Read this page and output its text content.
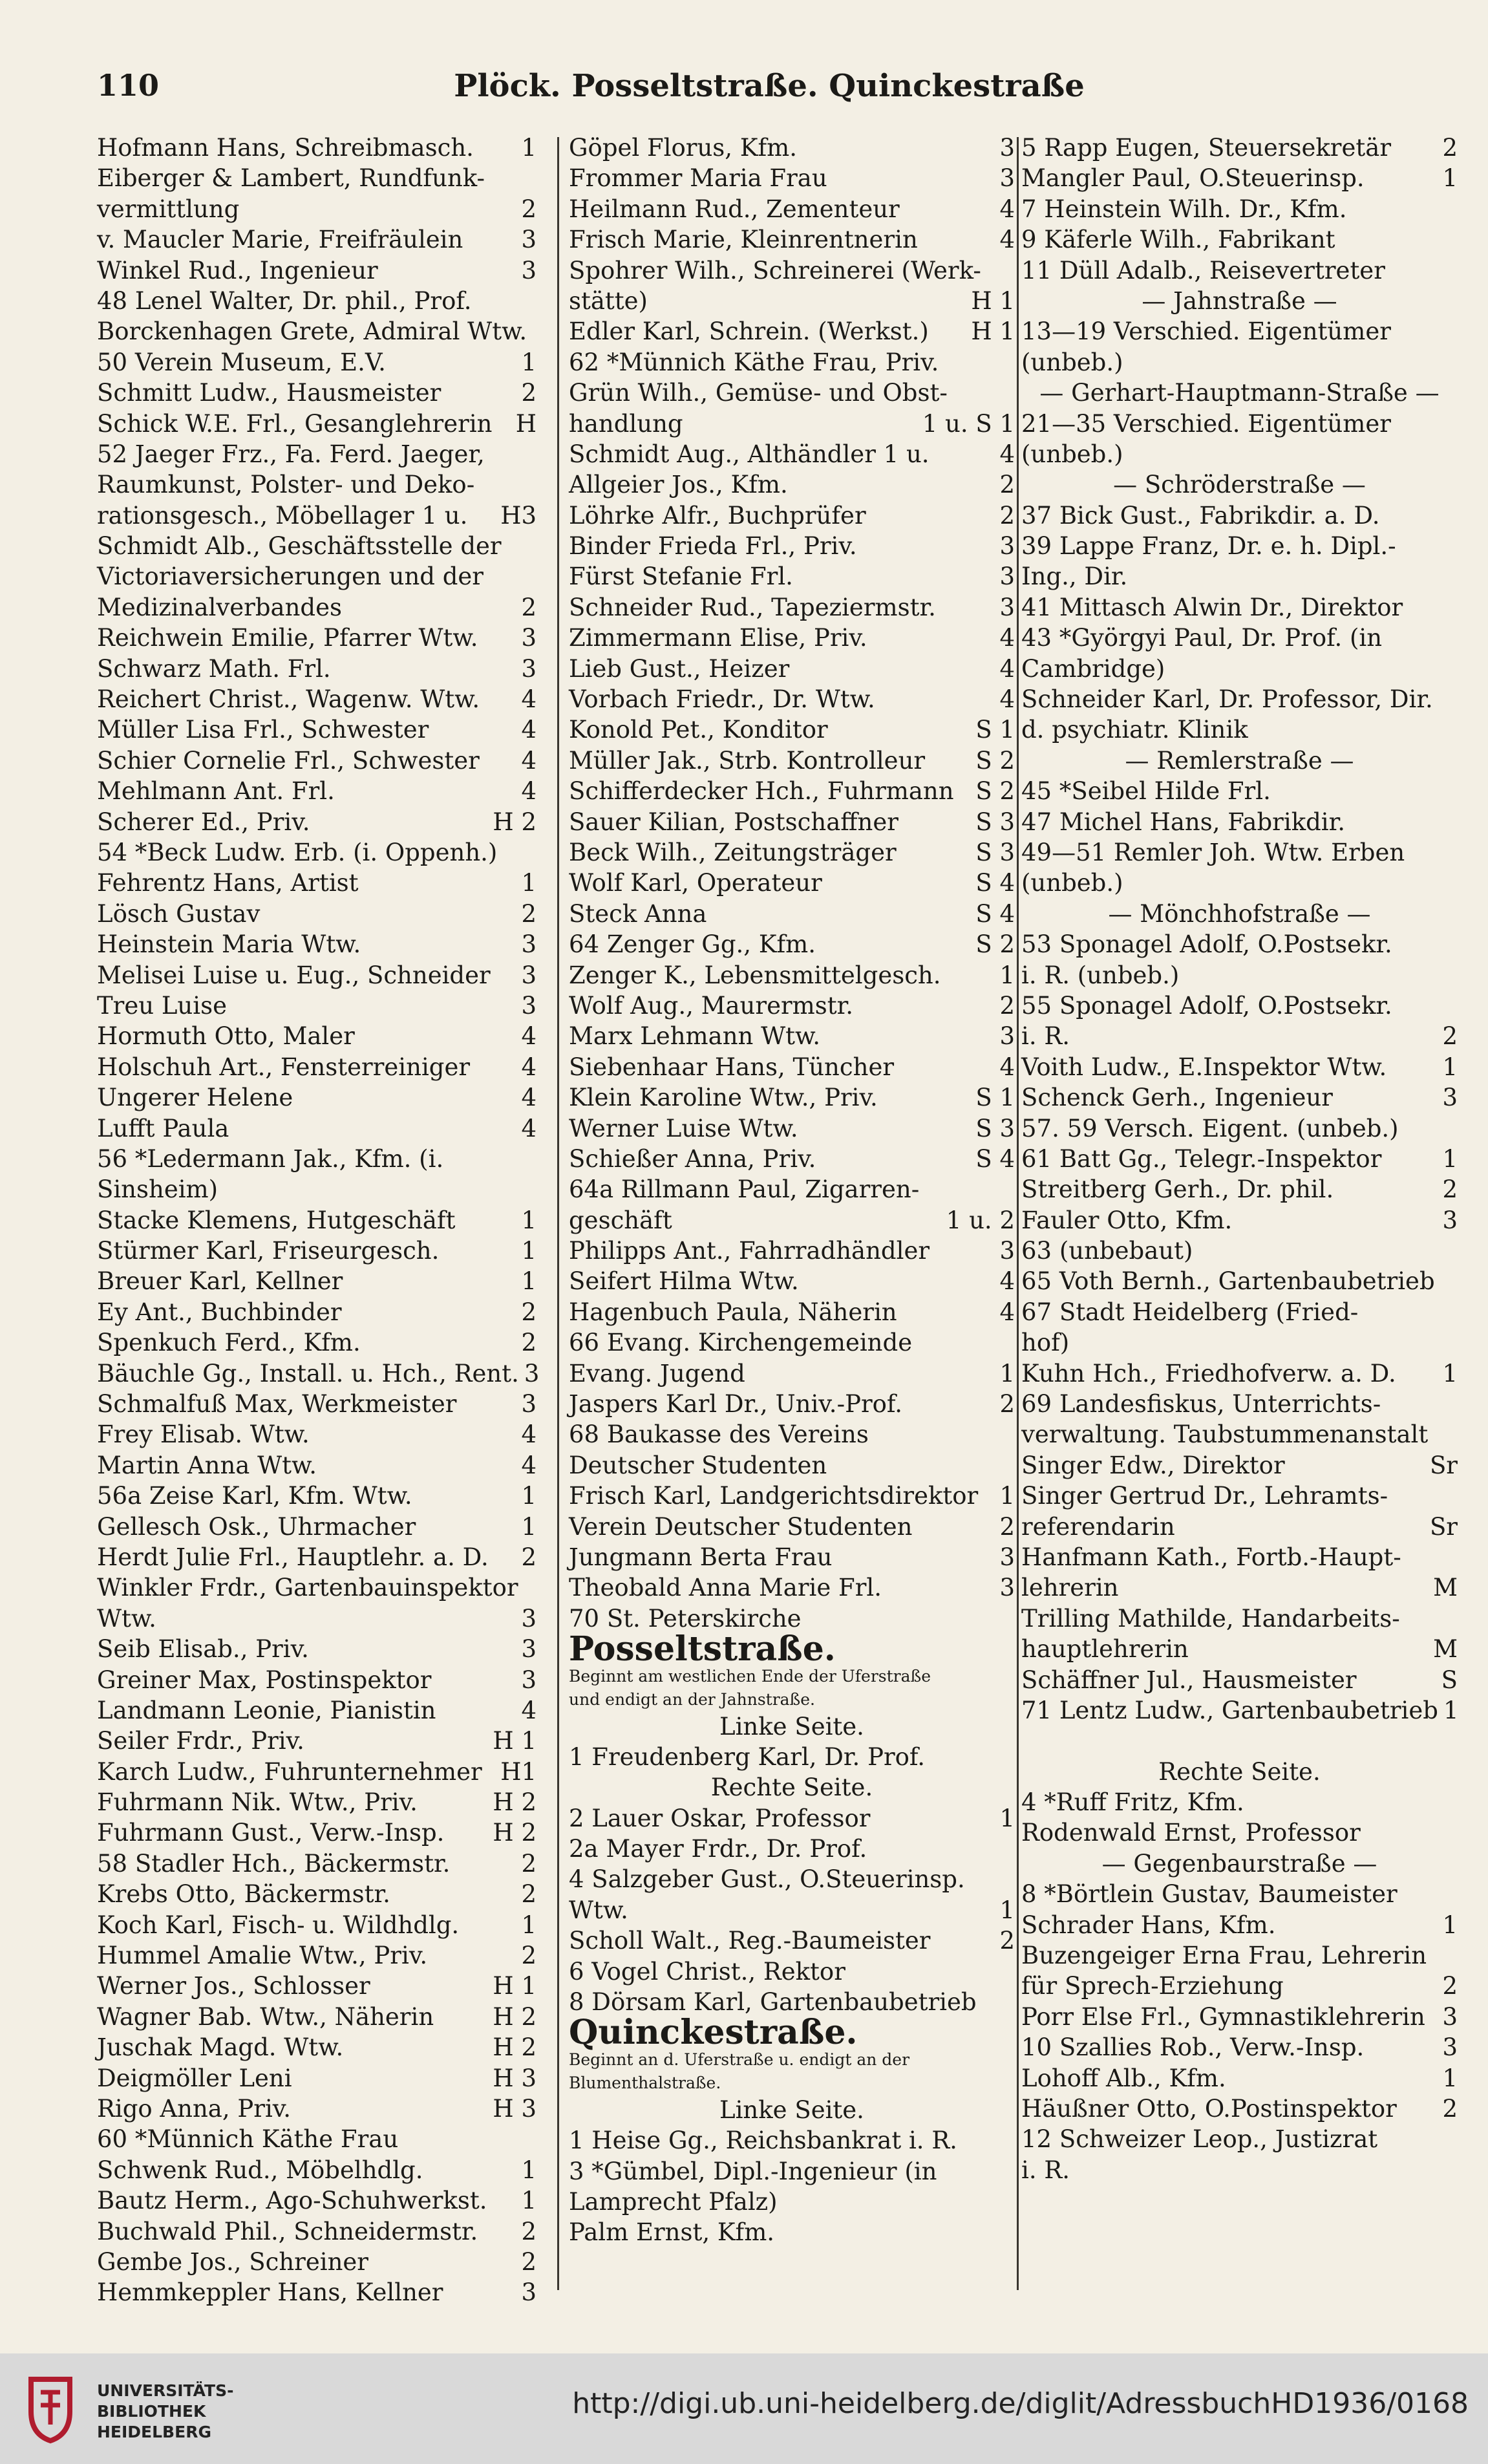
110	Plöck. Posseltstraße. Quinckestraße
Hofmann Hans, Schreibmasch.	1
Eiberger & Lambert, Rundfunk-
vermittlung	2
v. Maucler Marie, Freifräulein	3
Winkel Rud., Ingenieur	3
48 Lenel Walter, Dr. phil., Prof.
Borckenhagen Grete, Admiral Wtw.
50 Verein Museum, E.V.	1
Schmitt Ludw., Hausmeister	2
Schick W.E. Frl., Gesanglehrerin H
52 Jaeger Frz., Fa. Ferd. Jaeger,
Raumkunst, Polster- und Deko-
rationsgesch., Möbellager 1 u.	H3
Schmidt Alb., Geschäftsstelle der
Victoriaversicherungen und der
Medizinalverbandes	2
Reichwein Emilie, Pfarrer Wtw.	3
Schwarz Math. Frl.	3
Reichert Christ., Wagenw. Wtw.	4
Müller Lisa Frl., Schwester	4
Schier Cornelie Frl., Schwester	4
Mehlmann Ant. Frl.	4
Scherer Ed., Priv.	H 2
54 *Beck Ludw. Erb. (i. Oppenh.)
Fehrentz Hans, Artist	1
Lösch Gustav	2
Heinstein Maria Wtw.	3
Melisei Luise u. Eug., Schneider	3
Treu Luise	3
Hormuth Otto, Maler	4
Holschuh Art., Fensterreiniger	4
Ungerer Helene	4
Lufft Paula	4
56 *Ledermann Jak., Kfm. (i.
Sinsheim)
Stacke Klemens, Hutgeschäft	1
Stürmer Karl, Friseurgesch.	1
Breuer Karl, Kellner	1
Ey Ant., Buchbinder	2
Spenkuch Ferd., Kfm.	2
Bäuchle Gg., Install. u. Hch., Rent. 3
Schmalfuß Max, Werkmeister	3
Frey Elisab. Wtw.	4
Martin Anna Wtw.	4
56a Zeise Karl, Kfm. Wtw.	1
Gellesch Osk., Uhrmacher	1
Herdt Julie Frl., Hauptlehr. a. D.	2
Winkler Frdr., Gartenbauinspektor
Wtw.	3
Seib Elisab., Priv.	3
Greiner Max, Postinspektor	3
Landmann Leonie, Pianistin	4
Seiler Frdr., Priv.	H 1
Karch Ludw., Fuhrunternehmer H1
Fuhrmann Nik. Wtw., Priv.	H 2
Fuhrmann Gust., Verw.-Insp.	H 2
58 Stadler Hch., Bäckermstr.	2
Krebs Otto, Bäckermstr.	2
Koch Karl, Fisch- u. Wildhdlg.	1
Hummel Amalie Wtw., Priv.	2
Werner Jos., Schlosser	H 1
Wagner Bab. Wtw., Näherin	H 2
Juschak Magd. Wtw.	H 2
Deigmöller Leni	H 3
Rigo Anna, Priv.	H 3
60 *Münnich Käthe Frau
Schwenk Rud., Möbelhdlg.	1
Bautz Herm., Ago-Schuhwerkst.	1
Buchwald Phil., Schneidermstr.	2
Gembe Jos., Schreiner	2
Hemmkeppler Hans, Kellner	3
Göpel Florus, Kfm.	3
Frommer Maria Frau	3
Heilmann Rud., Zementeur	4
Frisch Marie, Kleinrentnerin	4
Spohrer Wilh., Schreinerei (Werk-
stätte)	H 1
Edler Karl, Schrein. (Werkst.)	H 1
62 *Münnich Käthe Frau, Priv.
Grün Wilh., Gemüse- und Obst-
handlung	1 u. S 1
Schmidt Aug., Althändler 1 u.	4
Allgeier Jos., Kfm.	2
Löhrke Alfr., Buchprüfer	2
Binder Frieda Frl., Priv.	3
Fürst Stefanie Frl.	3
Schneider Rud., Tapeziermstr.	3
Zimmermann Elise, Priv.	4
Lieb Gust., Heizer	4
Vorbach Friedr., Dr. Wtw.	4
Konold Pet., Konditor	S 1
Müller Jak., Strb. Kontrolleur	S 2
Schifferdecker Hch., Fuhrmann S 2
Sauer Kilian, Postschaffner	S 3
Beck Wilh., Zeitungsträger	S 3
Wolf Karl, Operateur	S 4
Steck Anna	S 4
64 Zenger Gg., Kfm.	S 2
Zenger K., Lebensmittelgesch.	1
Wolf Aug., Maurermstr.	2
Marx Lehmann Wtw.	3
Siebenhaar Hans, Tüncher	4
Klein Karoline Wtw., Priv.	S 1
Werner Luise Wtw.	S 3
Schießer Anna, Priv.	S 4
64a Rillmann Paul, Zigarren-
geschäft	1 u. 2
Philipps Ant., Fahrradhändler	3
Seifert Hilma Wtw.	4
Hagenbuch Paula, Näherin	4
66 Evang. Kirchengemeinde
Evang. Jugend	1
Jaspers Karl Dr., Univ.-Prof.	2
68 Baukasse des Vereins
Deutscher Studenten
Frisch Karl, Landgerichtsdirektor 1
Verein Deutscher Studenten	2
Jungmann Berta Frau	3
Theobald Anna Marie Frl.	3
70 St. Peterskirche
Posseltstraße.
Beginnt am westlichen Ende der Uferstraße
und endigt an der Jahnstraße.
Linke Seite.
1 Freudenberg Karl, Dr. Prof.
Rechte Seite.
2 Lauer Oskar, Professor	1
2a Mayer Frdr., Dr. Prof.
4 Salzgeber Gust., O.Steuerinsp.
Wtw.	1
Scholl Walt., Reg.-Baumeister	2
6 Vogel Christ., Rektor
8 Dörsam Karl, Gartenbaubetrieb
Quinckestraße.
Beginnt an d. Uferstraße u. endigt an der
Blumenthalstraße.
Linke Seite.
1 Heise Gg., Reichsbankrat i. R.
3 *Gümbel, Dipl.-Ingenieur (in
Lamprecht Pfalz)
Palm Ernst, Kfm.
5 Rapp Eugen, Steuersekretär	2
Mangler Paul, O.Steuerinsp.	1
7 Heinstein Wilh. Dr., Kfm.
9 Käferle Wilh., Fabrikant
11 Düll Adalb., Reisevertreter
— Jahnstraße —
13—19 Verschied. Eigentümer
(unbeb.)
— Gerhart-Hauptmann-Straße —
21—35 Verschied. Eigentümer
(unbeb.)
— Schröderstraße —
37 Bick Gust., Fabrikdir. a. D.
39 Lappe Franz, Dr. e. h. Dipl.-
Ing., Dir.
41 Mittasch Alwin Dr., Direktor
43 *Györgyi Paul, Dr. Prof. (in
Cambridge)
Schneider Karl, Dr. Professor, Dir.
d. psychiatr. Klinik
— Remlerstraße —
45 *Seibel Hilde Frl.
47 Michel Hans, Fabrikdir.
49—51 Remler Joh. Wtw. Erben
(unbeb.)
— Mönchhofstraße —
53 Sponagel Adolf, O.Postsekr.
i. R. (unbeb.)
55 Sponagel Adolf, O.Postsekr.
i. R.	2
Voith Ludw., E.Inspektor Wtw.	1
Schenck Gerh., Ingenieur	3
57. 59 Versch. Eigent. (unbeb.)
61 Batt Gg., Telegr.-Inspektor	1
Streitberg Gerh., Dr. phil.	2
Fauler Otto, Kfm.	3
63 (unbebaut)
65 Voth Bernh., Gartenbaubetrieb
67 Stadt Heidelberg (Fried-
hof)
Kuhn Hch., Friedhofverw. a. D.	1
69 Landesfiskus, Unterrichts-
verwaltung. Taubstummenanstalt
Singer Edw., Direktor	Sr
Singer Gertrud Dr., Lehramts-
referendarin	Sr
Hanfmann Kath., Fortb.-Haupt-
lehrerin	M
Trilling Mathilde, Handarbeits-
hauptlehrerin	M
Schäffner Jul., Hausmeister	S
71 Lentz Ludw., Gartenbaubetrieb 1
Rechte Seite.
4 *Ruff Fritz, Kfm.
Rodenwald Ernst, Professor
— Gegenbaurstraße —
8 *Börtlein Gustav, Baumeister
Schrader Hans, Kfm.	1
Buzengeiger Erna Frau, Lehrerin
für Sprech-Erziehung	2
Porr Else Frl., Gymnastiklehrerin 3
10 Szallies Rob., Verw.-Insp.	3
Lohoff Alb., Kfm.	1
Häußner Otto, O.Postinspektor	2
12 Schweizer Leop., Justizrat
i. R.
UNIVERSITÄTS-
BIBLIOTHEK
HEIDELBERG
http://digi.ub.uni-heidelberg.de/diglit/AdressbuchHD1936/0168
